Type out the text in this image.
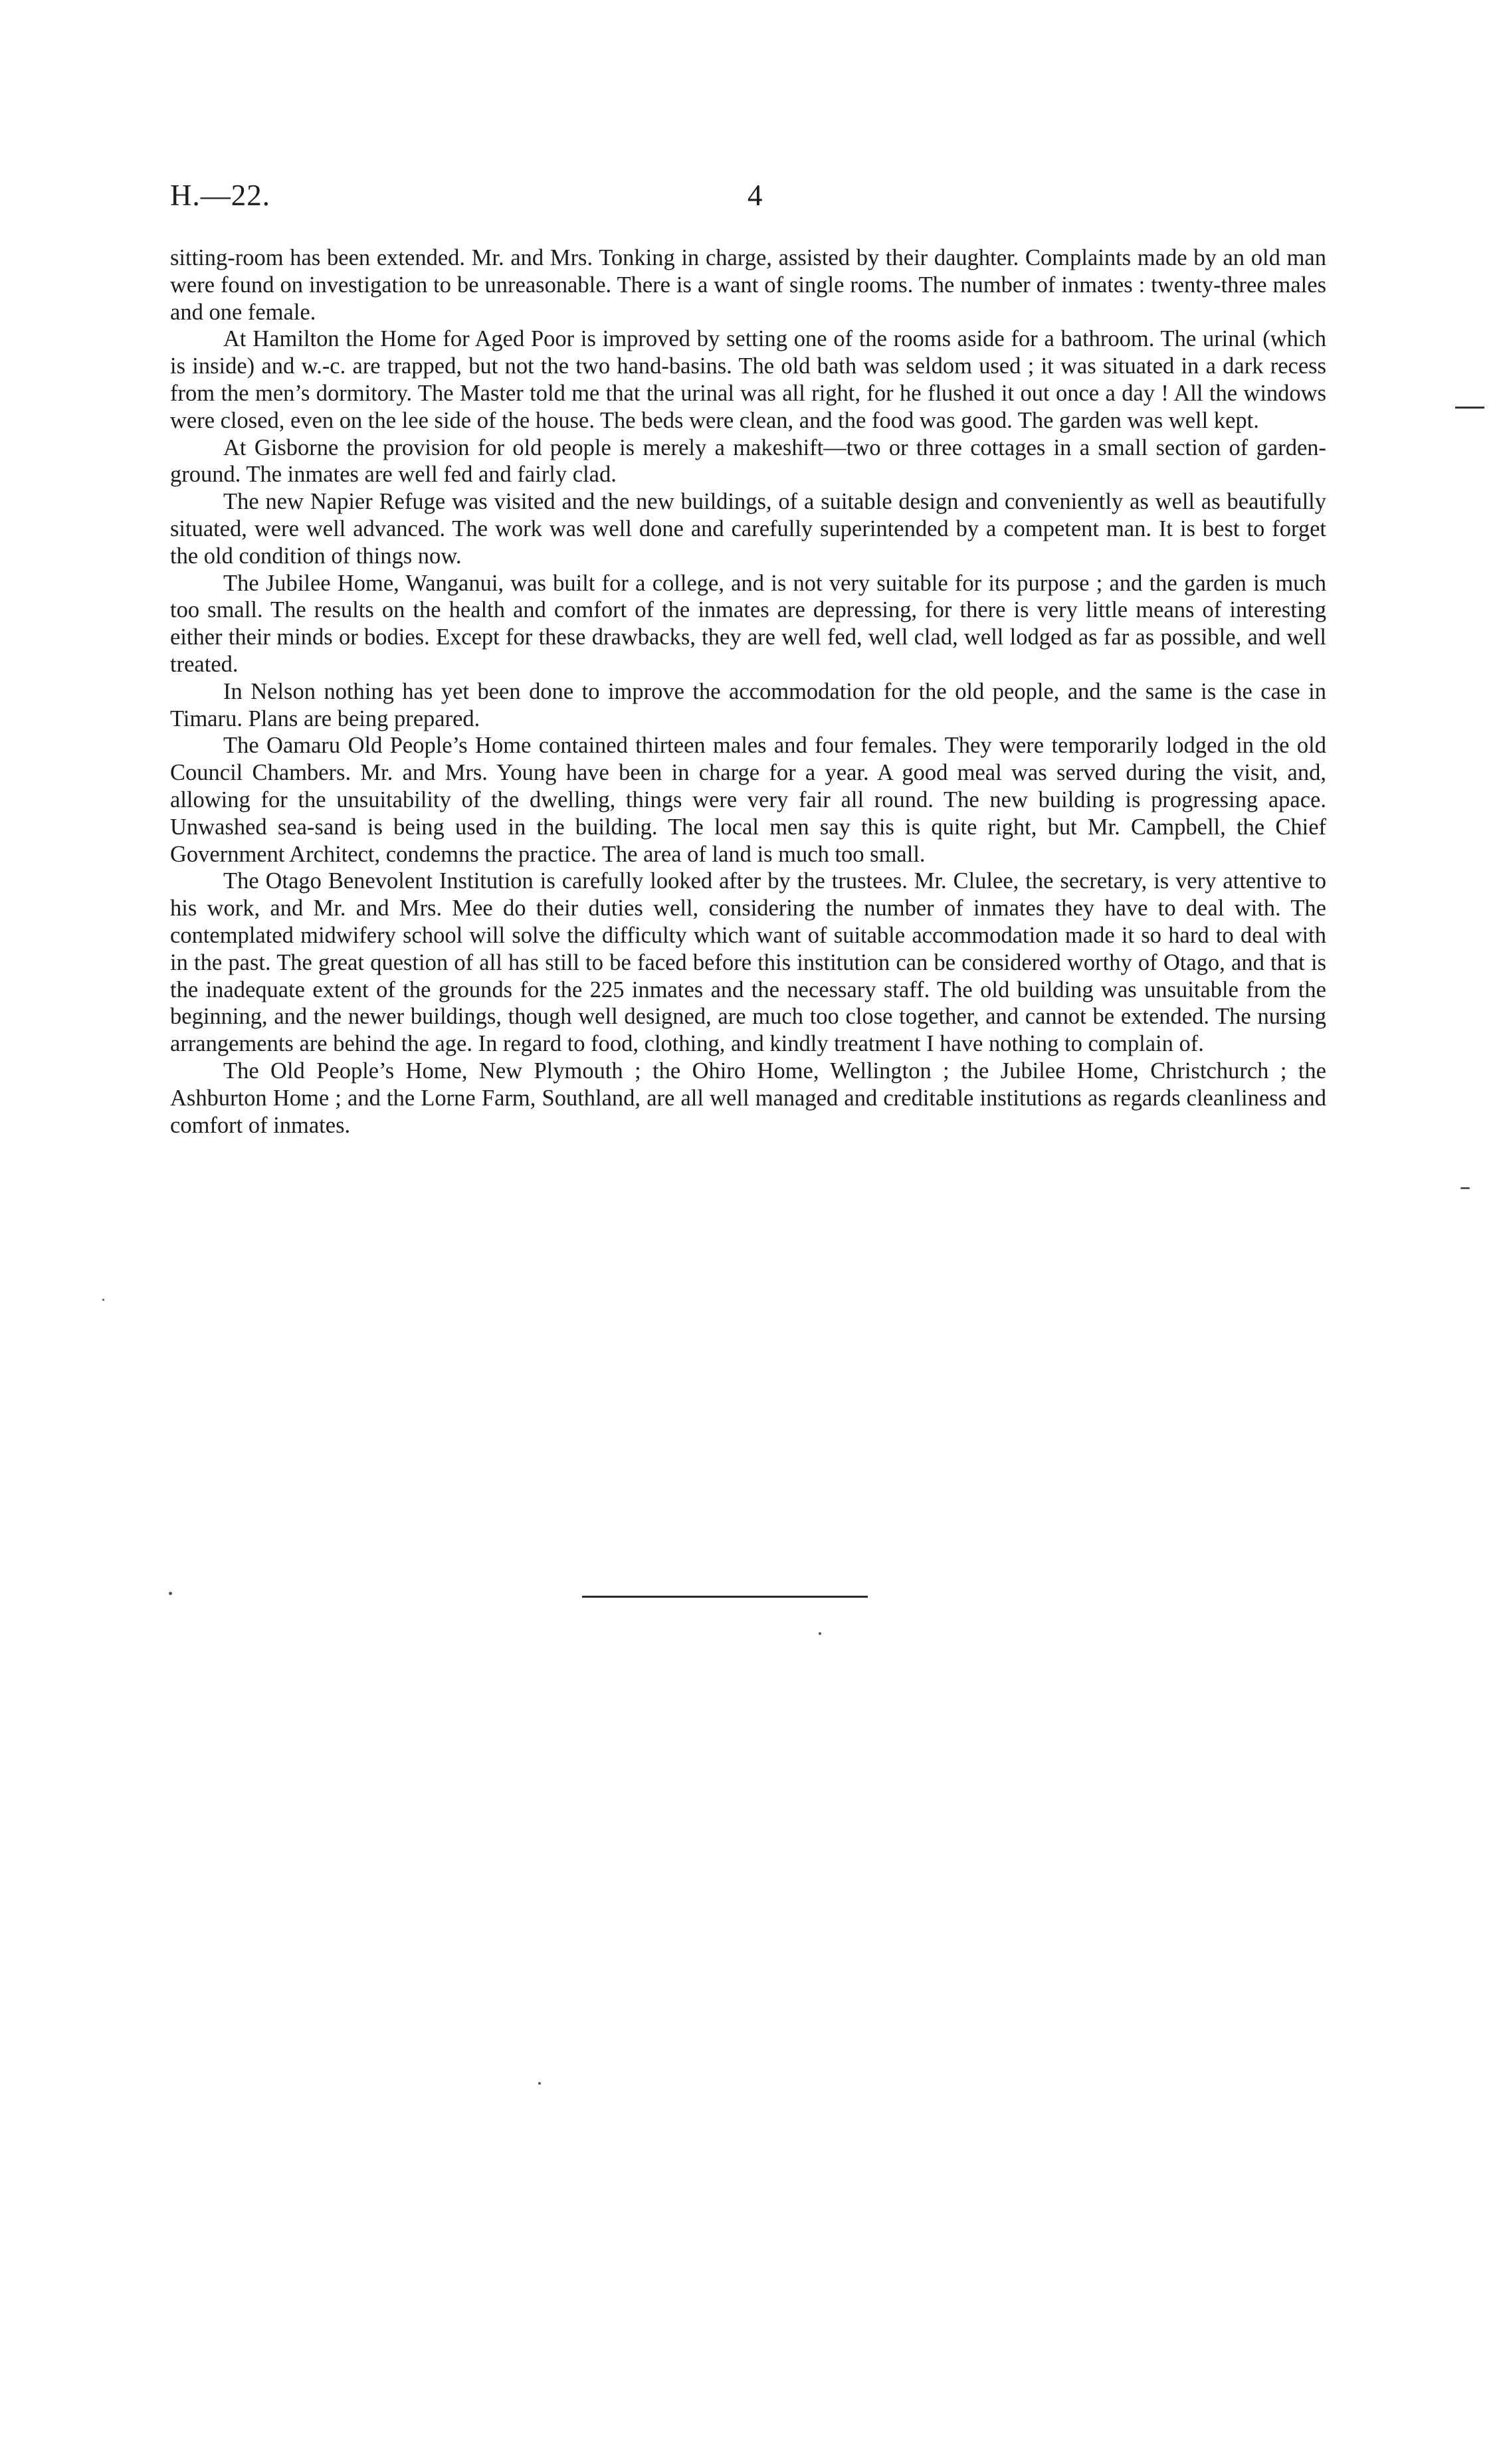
H.—22.	4

sitting-room has been extended. Mr. and Mrs. Tonking in charge, assisted by their daughter. Complaints made by an old man were found on investigation to be unreasonable. There is a want of single rooms. The number of inmates : twenty-three males and one female.

At Hamilton the Home for Aged Poor is improved by setting one of the rooms aside for a bathroom. The urinal (which is inside) and w.-c. are trapped, but not the two hand-basins. The old bath was seldom used ; it was situated in a dark recess from the men’s dormitory. The Master told me that the urinal was all right, for he flushed it out once a day ! All the windows were closed, even on the lee side of the house. The beds were clean, and the food was good. The garden was well kept.

At Gisborne the provision for old people is merely a makeshift—two or three cottages in a small section of garden-ground. The inmates are well fed and fairly clad.

The new Napier Refuge was visited and the new buildings, of a suitable design and conveniently as well as beautifully situated, were well advanced. The work was well done and carefully superintended by a competent man. It is best to forget the old condition of things now.

The Jubilee Home, Wanganui, was built for a college, and is not very suitable for its purpose ; and the garden is much too small. The results on the health and comfort of the inmates are depressing, for there is very little means of interesting either their minds or bodies. Except for these drawbacks, they are well fed, well clad, well lodged as far as possible, and well treated.

In Nelson nothing has yet been done to improve the accommodation for the old people, and the same is the case in Timaru. Plans are being prepared.

The Oamaru Old People’s Home contained thirteen males and four females. They were temporarily lodged in the old Council Chambers. Mr. and Mrs. Young have been in charge for a year. A good meal was served during the visit, and, allowing for the unsuitability of the dwelling, things were very fair all round. The new building is progressing apace. Unwashed sea-sand is being used in the building. The local men say this is quite right, but Mr. Campbell, the Chief Government Architect, condemns the practice. The area of land is much too small.

The Otago Benevolent Institution is carefully looked after by the trustees. Mr. Clulee, the secretary, is very attentive to his work, and Mr. and Mrs. Mee do their duties well, considering the number of inmates they have to deal with. The contemplated midwifery school will solve the difficulty which want of suitable accommodation made it so hard to deal with in the past. The great question of all has still to be faced before this institution can be considered worthy of Otago, and that is the inadequate extent of the grounds for the 225 inmates and the necessary staff. The old building was unsuitable from the beginning, and the newer buildings, though well designed, are much too close together, and cannot be extended. The nursing arrangements are behind the age. In regard to food, clothing, and kindly treatment I have nothing to complain of.

The Old People’s Home, New Plymouth ; the Ohiro Home, Wellington ; the Jubilee Home, Christchurch ; the Ashburton Home ; and the Lorne Farm, Southland, are all well managed and creditable institutions as regards cleanliness and comfort of inmates.
